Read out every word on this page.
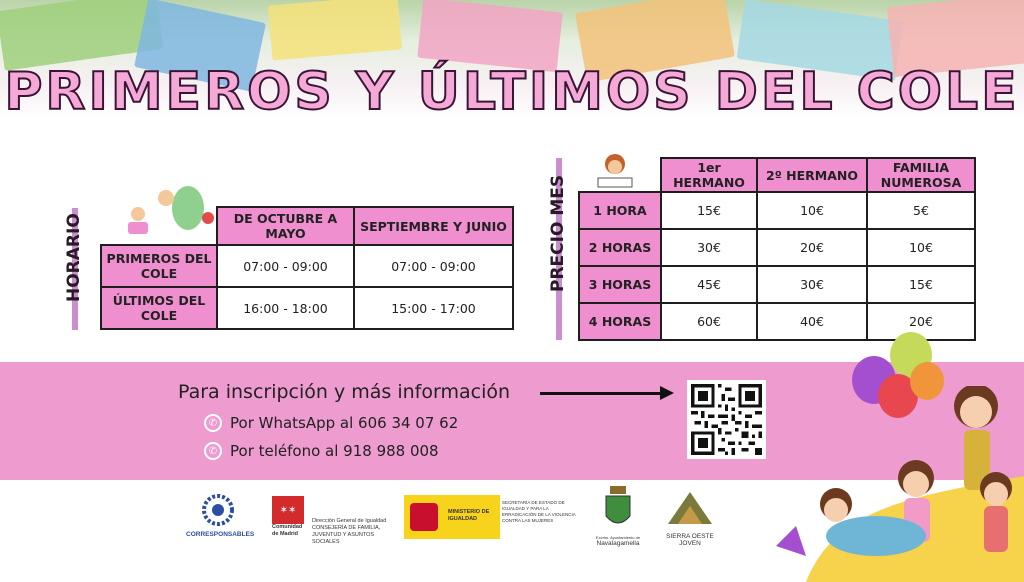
PRIMEROS Y ÚLTIMOS DEL COLE
HORARIO
		DE OCTUBRE A MAYO	SEPTIEMBRE Y JUNIO
PRIMEROS DEL COLE	07:00 - 09:00	07:00 - 09:00
ÚLTIMOS DEL COLE	16:00 - 18:00	15:00 - 17:00
PRECIO MES
	1er HERMANO	2º HERMANO	FAMILIA NUMEROSA
1 HORA	15€	10€	5€
2 HORAS	30€	20€	10€
3 HORAS	45€	30€	15€
4 HORAS	60€	40€	20€
Para inscripción y más información
✆ Por WhatsApp al 606 34 07 62
✆ Por teléfono al 918 988 008
CORRESPONSABLES
✶✶
Comunidad de Madrid
Dirección General de Igualdad
CONSEJERÍA DE FAMILIA, JUVENTUD Y ASUNTOS SOCIALES
MINISTERIO DE IGUALDAD
SECRETARÍA DE ESTADO DE IGUALDAD Y PARA LA ERRADICACIÓN DE LA VIOLENCIA CONTRA LAS MUJERES
Excmo. Ayuntamiento de
Navalagamella
SIERRA OESTE
JOVEN
